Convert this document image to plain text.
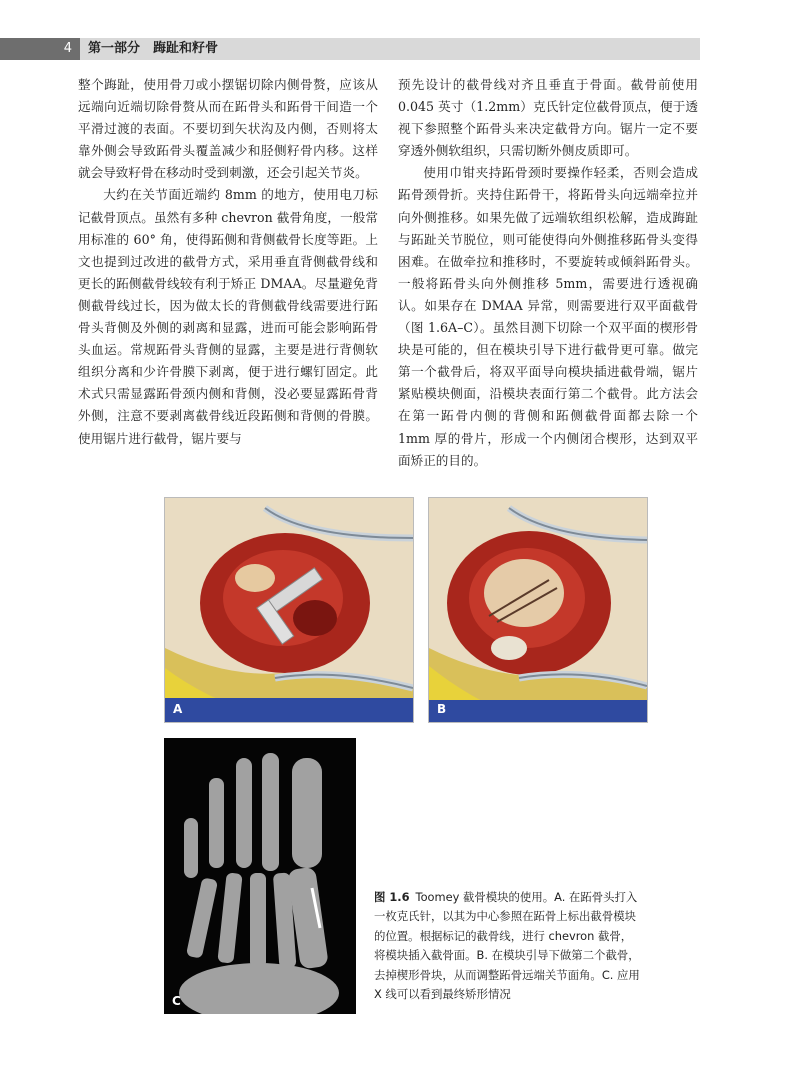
4	第一部分　踇趾和籽骨

整个踇趾，使用骨刀或小摆锯切除内侧骨赘，应该从远端向近端切除骨赘从而在跖骨头和跖骨干间造一个平滑过渡的表面。不要切到矢状沟及内侧，否则将太靠外侧会导致跖骨头覆盖减少和胫侧籽骨内移。这样就会导致籽骨在移动时受到刺激，还会引起关节炎。

大约在关节面近端约 8mm 的地方，使用电刀标记截骨顶点。虽然有多种 chevron 截骨角度，一般常用标准的 60° 角，使得跖侧和背侧截骨长度等距。上文也提到过改进的截骨方式，采用垂直背侧截骨线和更长的跖侧截骨线较有利于矫正 DMAA。尽量避免背侧截骨线过长，因为做太长的背侧截骨线需要进行跖骨头背侧及外侧的剥离和显露，进而可能会影响跖骨头血运。常规跖骨头背侧的显露，主要是进行背侧软组织分离和少许骨膜下剥离，便于进行螺钉固定。此术式只需显露跖骨颈内侧和背侧，没必要显露跖骨背外侧，注意不要剥离截骨线近段跖侧和背侧的骨膜。使用锯片进行截骨，锯片要与

预先设计的截骨线对齐且垂直于骨面。截骨前使用 0.045 英寸（1.2mm）克氏针定位截骨顶点，便于透视下参照整个跖骨头来决定截骨方向。锯片一定不要穿透外侧软组织，只需切断外侧皮质即可。

使用巾钳夹持跖骨颈时要操作轻柔，否则会造成跖骨颈骨折。夹持住跖骨干，将跖骨头向远端牵拉并向外侧推移。如果先做了远端软组织松解，造成踇趾与跖趾关节脱位，则可能使得向外侧推移跖骨头变得困难。在做牵拉和推移时，不要旋转或倾斜跖骨头。一般将跖骨头向外侧推移 5mm，需要进行透视确认。如果存在 DMAA 异常，则需要进行双平面截骨（图 1.6A–C）。虽然目测下切除一个双平面的楔形骨块是可能的，但在模块引导下进行截骨更可靠。做完第一个截骨后，将双平面导向模块插进截骨端，锯片紧贴模块侧面，沿模块表面行第二个截骨。此方法会在第一跖骨内侧的背侧和跖侧截骨面都去除一个 1mm 厚的骨片，形成一个内侧闭合楔形，达到双平面矫正的目的。

A	B
C
图 1.6 Toomey 截骨模块的使用。A. 在跖骨头打入一枚克氏针，以其为中心参照在跖骨上标出截骨模块的位置。根据标记的截骨线，进行 chevron 截骨，将模块插入截骨面。B. 在模块引导下做第二个截骨，去掉楔形骨块，从而调整跖骨远端关节面角。C. 应用 X 线可以看到最终矫形情况
